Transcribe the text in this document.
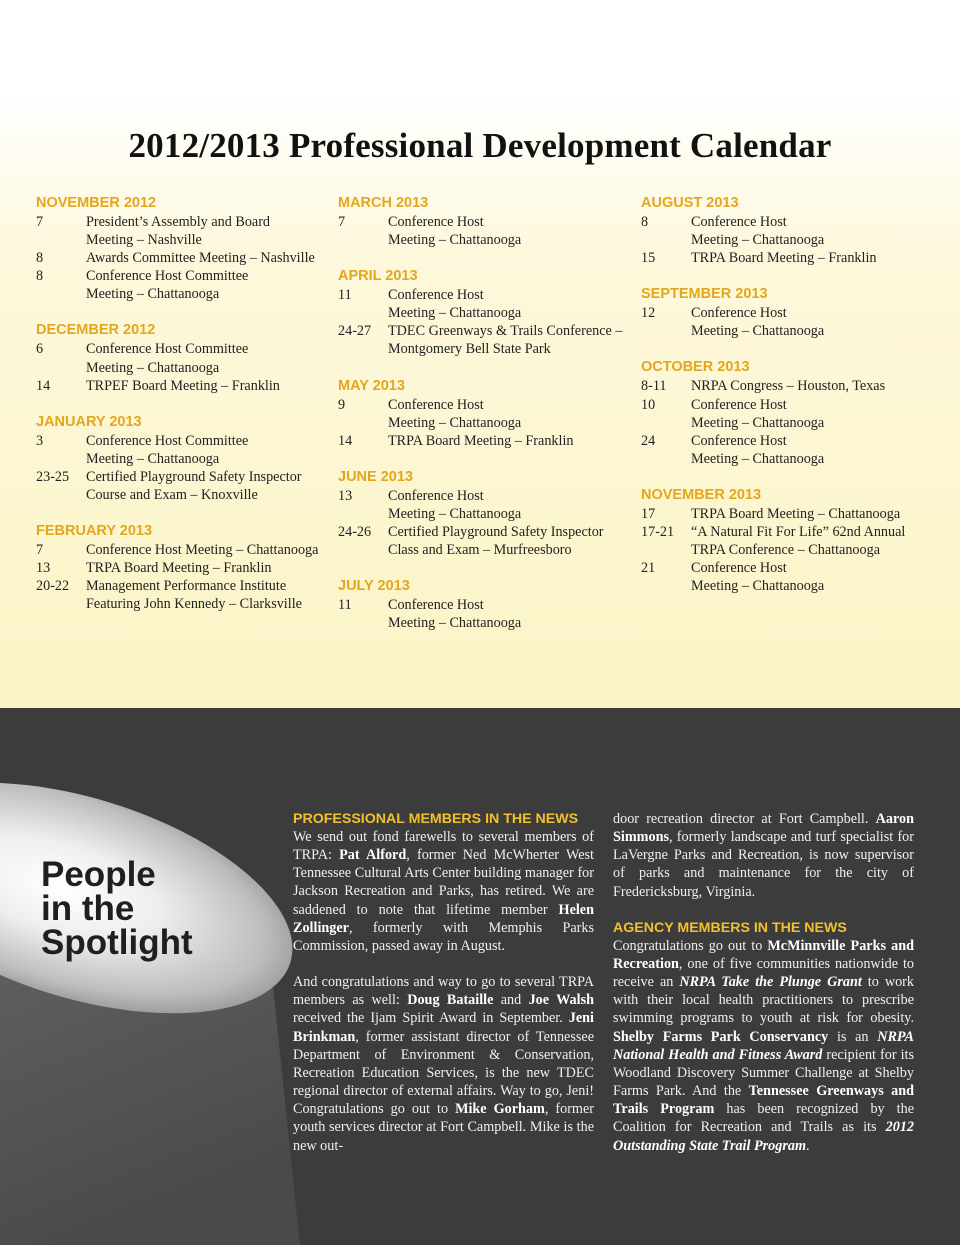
2012/2013 Professional Development Calendar
NOVEMBER 2012
7	President’s Assembly and Board
Meeting – Nashville
8	Awards Committee Meeting – Nashville
8	Conference Host Committee
Meeting – Chattanooga
DECEMBER 2012
6	Conference Host Committee
Meeting – Chattanooga
14	TRPEF Board Meeting – Franklin
JANUARY 2013
3	Conference Host Committee
Meeting – Chattanooga
23-25	Certified Playground Safety Inspector
Course and Exam – Knoxville
FEBRUARY 2013
7	Conference Host Meeting – Chattanooga
13	TRPA Board Meeting – Franklin
20-22	Management Performance Institute
Featuring John Kennedy – Clarksville
MARCH 2013
7	Conference Host
Meeting – Chattanooga
APRIL 2013
11	Conference Host
Meeting – Chattanooga
24-27	TDEC Greenways & Trails Conference –
Montgomery Bell State Park
MAY 2013
9	Conference Host
Meeting – Chattanooga
14	TRPA Board Meeting – Franklin
JUNE 2013
13	Conference Host
Meeting – Chattanooga
24-26	Certified Playground Safety Inspector
Class and Exam – Murfreesboro
JULY 2013
11	Conference Host
Meeting – Chattanooga
AUGUST 2013
8	Conference Host
Meeting – Chattanooga
15	TRPA Board Meeting – Franklin
SEPTEMBER 2013
12	Conference Host
Meeting – Chattanooga
OCTOBER 2013
8-11	NRPA Congress – Houston, Texas
10	Conference Host
Meeting – Chattanooga
24	Conference Host
Meeting – Chattanooga
NOVEMBER 2013
17	TRPA Board Meeting – Chattanooga
17-21	“A Natural Fit For Life” 62nd Annual
TRPA Conference – Chattanooga
21	Conference Host
Meeting – Chattanooga
People
in the
Spotlight
PROFESSIONAL MEMBERS IN THE NEWS

We send out fond farewells to several members of TRPA: Pat Alford, former Ned McWherter West Tennessee Cultural Arts Center building manager for Jackson Recreation and Parks, has retired. We are saddened to note that lifetime member Helen Zollinger, formerly with Memphis Parks Commission, passed away in August.

And congratulations and way to go to several TRPA members as well: Doug Bataille and Joe Walsh received the Ijam Spirit Award in September. Jeni Brinkman, former assistant director of Tennessee Department of Environment & Conservation, Recreation Education Services, is the new TDEC regional director of external affairs. Way to go, Jeni! Congratulations go out to Mike Gorham, former youth services director at Fort Campbell. Mike is the new out-

door recreation director at Fort Campbell. Aaron Simmons, formerly landscape and turf specialist for LaVergne Parks and Recreation, is now supervisor of parks and maintenance for the city of Fredericksburg, Virginia.

AGENCY MEMBERS IN THE NEWS

Congratulations go out to McMinnville Parks and Recreation, one of five communities nationwide to receive an NRPA Take the Plunge Grant to work with their local health practitioners to prescribe swimming programs to youth at risk for obesity. Shelby Farms Park Conservancy is an NRPA National Health and Fitness Award recipient for its Woodland Discovery Summer Challenge at Shelby Farms Park. And the Tennessee Greenways and Trails Program has been recognized by the Coalition for Recreation and Trails as its 2012 Outstanding State Trail Program.
